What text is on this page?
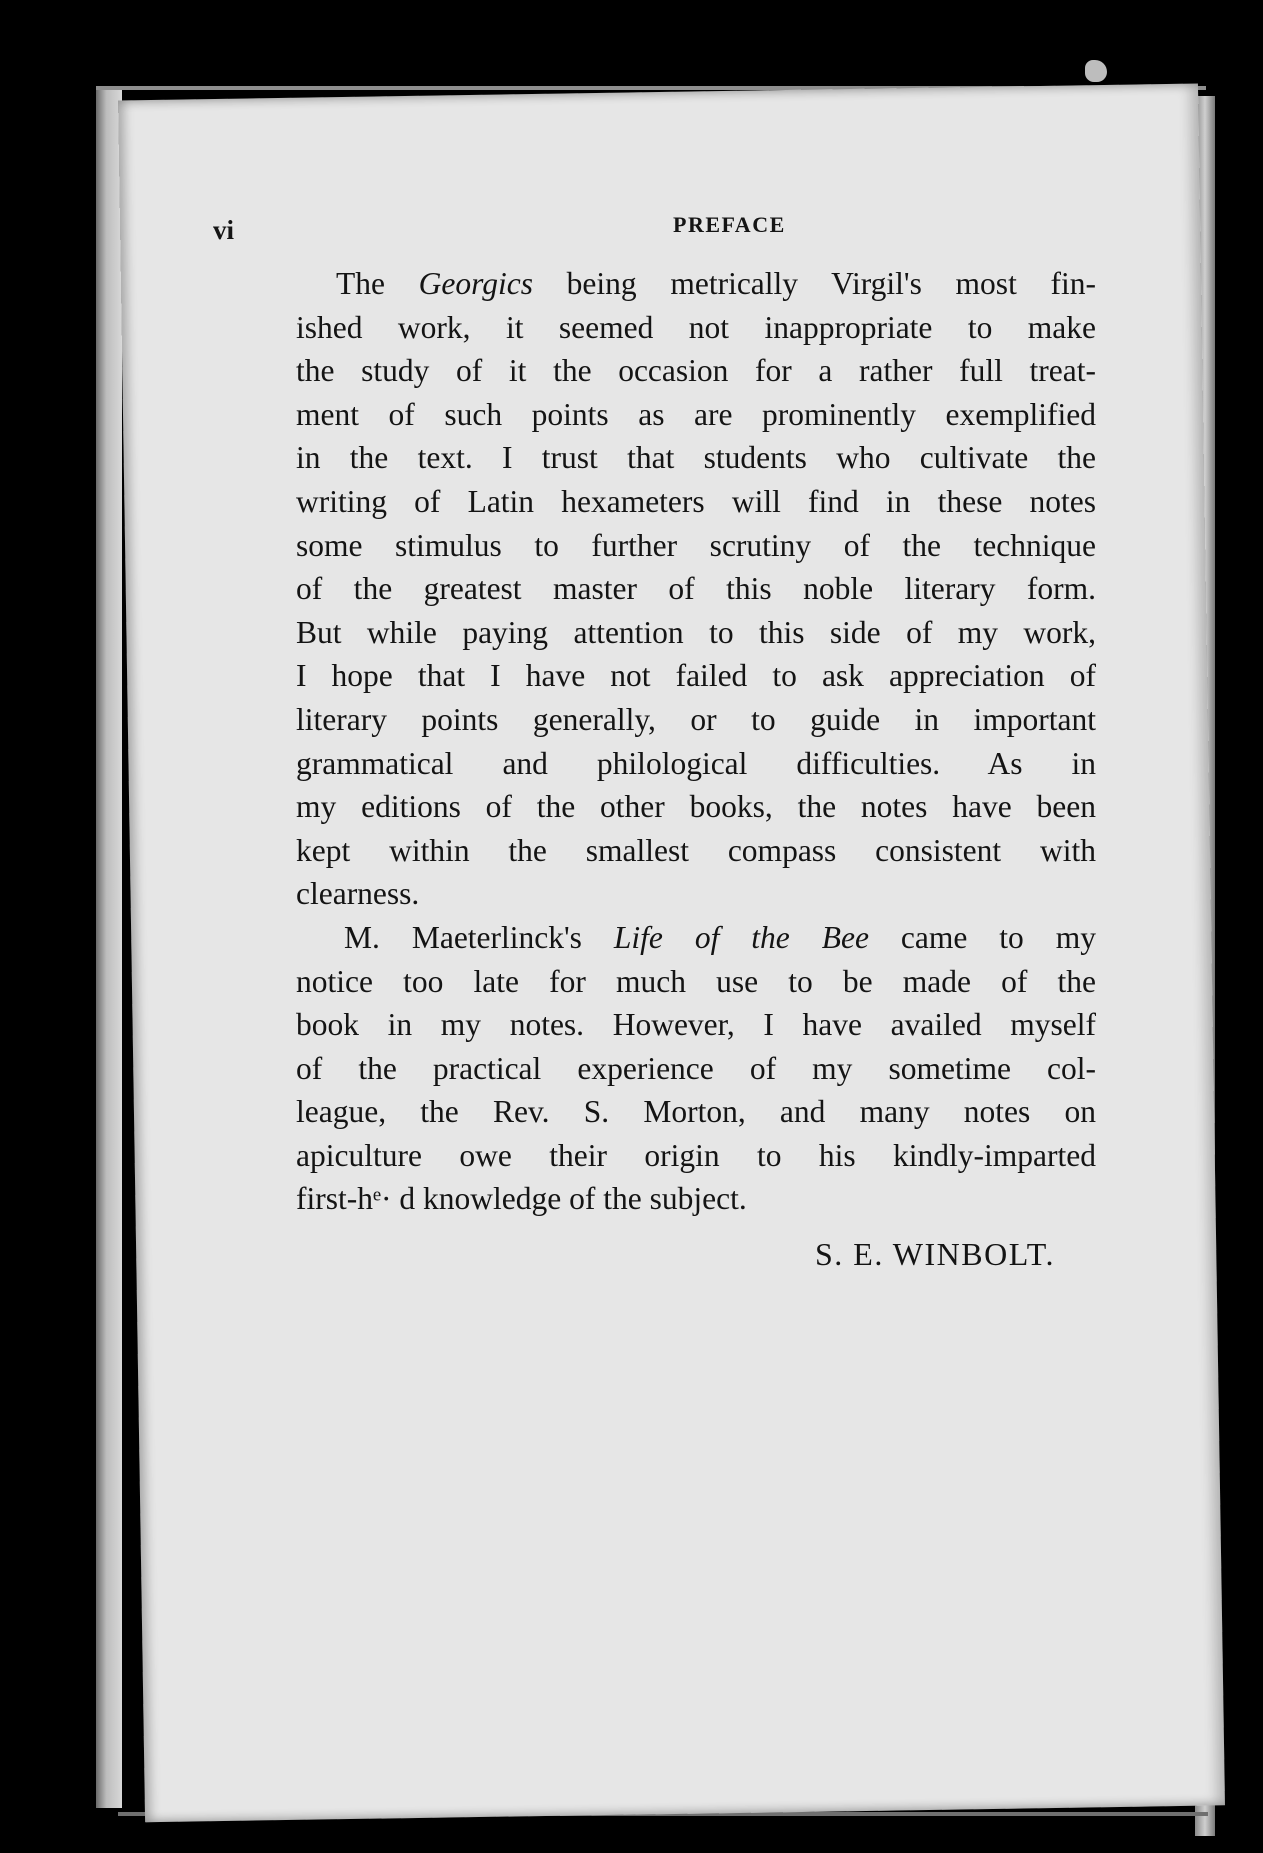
vi	PREFACE
The Georgics being metrically Virgil's most fin-
ished work, it seemed not inappropriate to make
the study of it the occasion for a rather full treat-
ment of such points as are prominently exemplified
in the text. I trust that students who cultivate the
writing of Latin hexameters will find in these notes
some stimulus to further scrutiny of the technique
of the greatest master of this noble literary form.
But while paying attention to this side of my work,
I hope that I have not failed to ask appreciation of
literary points generally, or to guide in important
grammatical and philological difficulties. As in
my editions of the other books, the notes have been
kept within the smallest compass consistent with
clearness.
M. Maeterlinck's Life of the Bee came to my
notice too late for much use to be made of the
book in my notes. However, I have availed myself
of the practical experience of my sometime col-
league, the Rev. S. Morton, and many notes on
apiculture owe their origin to his kindly-imparted
first-hᵉ· d knowledge of the subject.
S. E. WINBOLT.
